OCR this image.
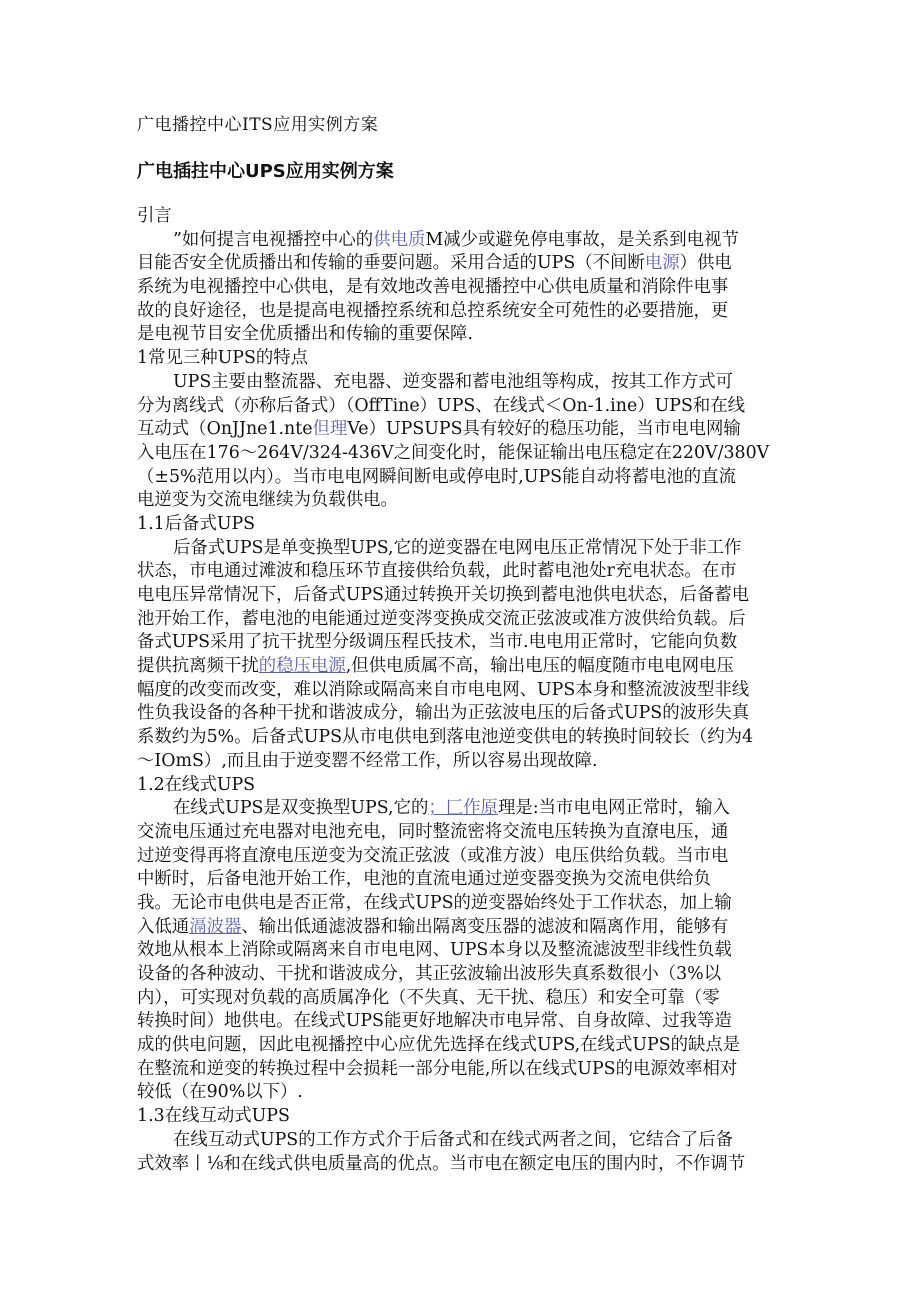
广电播控中心ITS应用实例方案
广电插拄中心UPS应用实例方案
引言
”如何提言电视播控中心的供电质M减少或避免停电事故，是关系到电视节
目能否安全优质播出和传输的垂要问题。采用合适的UPS（不间断电源）供电
系统为电视播控中心供电，是有效地改善电视播控中心供电质量和消除件电事
故的良好途径，也是提高电视播控系统和总控系统安全可苑性的必要措施，更
是电视节目安全优质播出和传输的重要保障.
1常见三种UPS的特点
UPS主要由整流器、充电器、逆变器和蓄电池组等构成，按其工作方式可
分为离线式（亦称后备式）（OffTine）UPS、在线式＜On-1.ine）UPS和在线
互动式（OnJJne1.nte但理Ve）UPSUPS具有较好的稳压功能，当市电电网输
入电压在176～264V/324-436V之间变化时，能保证输出电压稳定在220V/380V
（±5%范用以内）。当市电电网瞬间断电或停电时,UPS能自动将蓄电池的直流
电逆变为交流电继续为负载供电。
1.1后备式UPS
后备式UPS是单变换型UPS,它的逆变器在电网电压正常情况下处于非工作
状态，市电通过滩波和稳压环节直接供给负载，此时蓄电池处r充电状态。在市
电电压异常情况下，后备式UPS通过转换开关切换到蓄电池供电状态，后备蓄电
池开始工作，蓄电池的电能通过逆变涔变换成交流正弦波或准方波供给负载。后
备式UPS采用了抗干扰型分级调压程氏技术，当市.电电用正常时，它能向负数
提供抗离频干扰的稳压电源,但供电质属不高，输出电压的幅度随市电电网电压
幅度的改变而改变，难以消除或隔高来自市电电网、UPS本身和整流波波型非线
性负我设备的各种干扰和谐波成分，输出为正弦波电压的后备式UPS的波形失真
系数约为5%。后备式UPS从市电供电到落电池逆变供电的转换时间较长（约为4
～IOmS）,而且由于逆变罂不经常工作，所以容易出现故障.
1.2在线式UPS
在线式UPS是双变换型UPS,它的；匚作原理是:当市电电网正常时，输入
交流电压通过充电器对电池充电，同时整流密将交流电压转换为直潦电压，通
过逆变得再将直潦电压逆变为交流正弦波（或准方波）电压供给负载。当市电
中断时，后备电池开始工作，电池的直流电通过逆变器变换为交流电供给负
我。无论市电供电是否正常，在线式UPS的逆变器始终处于工作状态，加上输
入低通滆波器、输出低通滤波器和输出隔离变压器的滤波和隔离作用，能够有
效地从根本上消除或隔离来自市电电网、UPS本身以及整流滤波型非线性负载
设备的各种波动、干扰和谐波成分，其正弦波输出波形失真系数很小（3%以
内），可实现对负载的高质属净化（不失真、无干扰、稳压）和安全可靠（零
转换时间）地供电。在线式UPS能更好地解决市电异常、自身故障、过我等造
成的供电问题，因此电视播控中心应优先选择在线式UPS,在线式UPS的缺点是
在整流和逆变的转换过程中会损耗一部分电能,所以在线式UPS的电源效率相对
较低（在90%以下）.
1.3在线互动式UPS
在线互动式UPS的工作方式介于后备式和在线式两者之间，它结合了后备
式效率丨⅛和在线式供电质量高的优点。当市电在额定电压的围内时，不作调节
